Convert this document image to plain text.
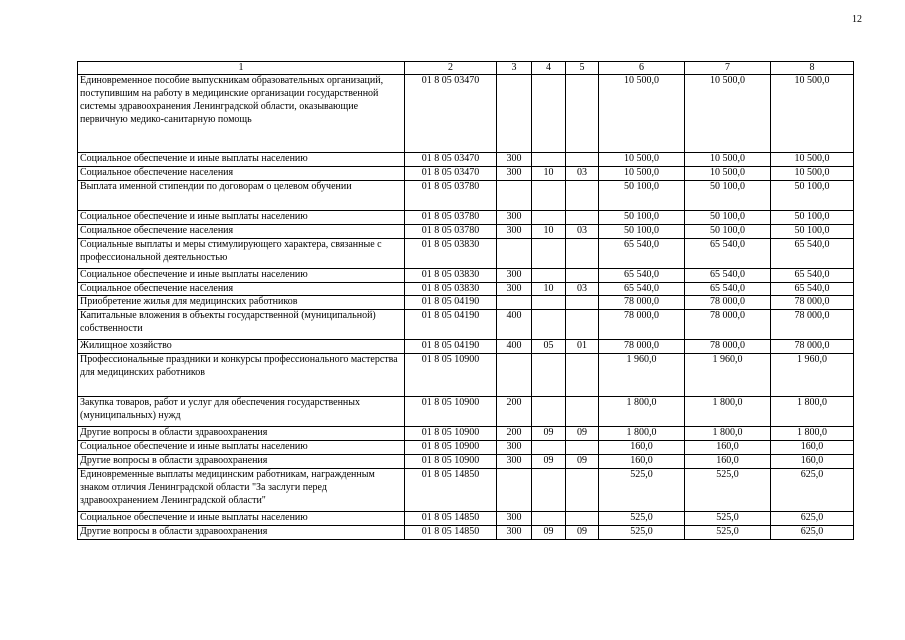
12
1	2	3	4	5	6	7	8
Единовременное пособие выпускникам образовательных организаций, поступившим на работу в медицинские организации государственной системы здравоохранения Ленинградской области, оказывающие первичную медико-санитарную помощь	01 8 05 03470				10 500,0	10 500,0	10 500,0
Социальное обеспечение и иные выплаты населению	01 8 05 03470	300			10 500,0	10 500,0	10 500,0
Социальное обеспечение населения	01 8 05 03470	300	10	03	10 500,0	10 500,0	10 500,0
Выплата именной стипендии по договорам о целевом обучении	01 8 05 03780				50 100,0	50 100,0	50 100,0
Социальное обеспечение и иные выплаты населению	01 8 05 03780	300			50 100,0	50 100,0	50 100,0
Социальное обеспечение населения	01 8 05 03780	300	10	03	50 100,0	50 100,0	50 100,0
Социальные выплаты и меры стимулирующего характера, связанные с профессиональной деятельностью	01 8 05 03830				65 540,0	65 540,0	65 540,0
Социальное обеспечение и иные выплаты населению	01 8 05 03830	300			65 540,0	65 540,0	65 540,0
Социальное обеспечение населения	01 8 05 03830	300	10	03	65 540,0	65 540,0	65 540,0
Приобретение жилья для медицинских работников	01 8 05 04190				78 000,0	78 000,0	78 000,0
Капитальные вложения в объекты государственной (муниципальной) собственности	01 8 05 04190	400			78 000,0	78 000,0	78 000,0
Жилищное хозяйство	01 8 05 04190	400	05	01	78 000,0	78 000,0	78 000,0
Профессиональные праздники и конкурсы профессионального мастерства для медицинских работников	01 8 05 10900				1 960,0	1 960,0	1 960,0
Закупка товаров, работ и услуг для обеспечения государственных (муниципальных) нужд	01 8 05 10900	200			1 800,0	1 800,0	1 800,0
Другие вопросы в области здравоохранения	01 8 05 10900	200	09	09	1 800,0	1 800,0	1 800,0
Социальное обеспечение и иные выплаты населению	01 8 05 10900	300			160,0	160,0	160,0
Другие вопросы в области здравоохранения	01 8 05 10900	300	09	09	160,0	160,0	160,0
Единовременные выплаты медицинским работникам, награжденным знаком отличия Ленинградской области "За заслуги перед здравоохранением Ленинградской области"	01 8 05 14850				525,0	525,0	625,0
Социальное обеспечение и иные выплаты населению	01 8 05 14850	300			525,0	525,0	625,0
Другие вопросы в области здравоохранения	01 8 05 14850	300	09	09	525,0	525,0	625,0
